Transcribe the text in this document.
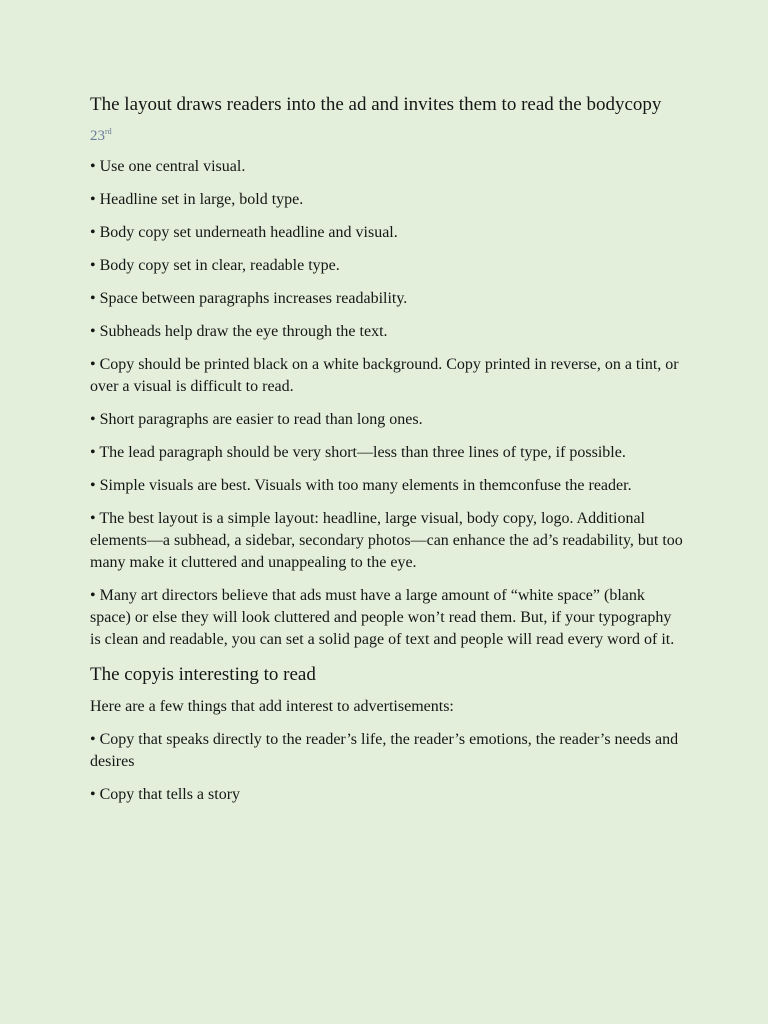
The layout draws readers into the ad and invites them to read the bodycopy
23rd

• Use one central visual.

• Headline set in large, bold type.

• Body copy set underneath headline and visual.

• Body copy set in clear, readable type.

• Space between paragraphs increases readability.

• Subheads help draw the eye through the text.

• Copy should be printed black on a white background. Copy printed in reverse, on a tint, or over a visual is difficult to read.

• Short paragraphs are easier to read than long ones.

• The lead paragraph should be very short—less than three lines of type, if possible.

• Simple visuals are best. Visuals with too many elements in themconfuse the reader.

• The best layout is a simple layout: headline, large visual, body copy, logo. Additional elements—a subhead, a sidebar, secondary photos—can enhance the ad’s readability, but too many make it cluttered and unappealing to the eye.

• Many art directors believe that ads must have a large amount of “white space” (blank space) or else they will look cluttered and people won’t read them. But, if your typography is clean and readable, you can set a solid page of text and people will read every word of it.

The copyis interesting to read

Here are a few things that add interest to advertisements:

• Copy that speaks directly to the reader’s life, the reader’s emotions, the reader’s needs and desires

• Copy that tells a story
